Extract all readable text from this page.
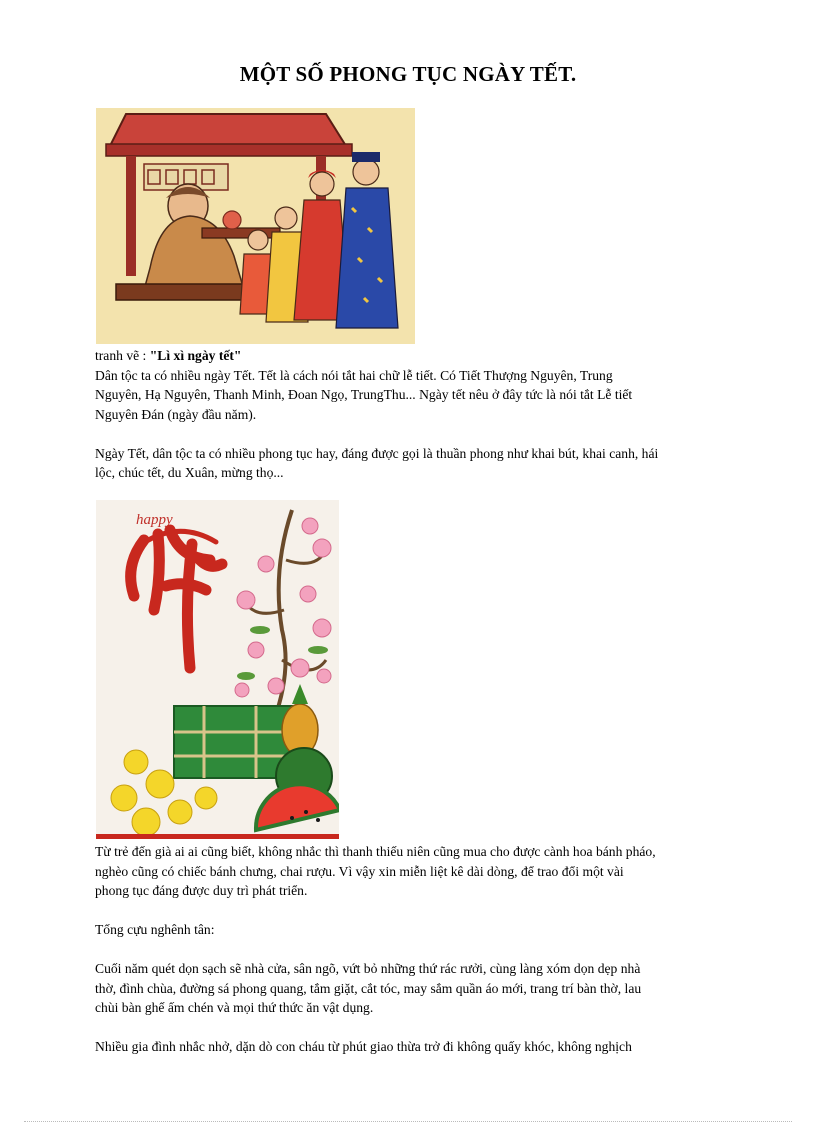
MỘT SỐ PHONG TỤC NGÀY TẾT.

tranh vẽ : "Lì xì ngày tết"

Dân tộc ta có nhiều ngày Tết. Tết là cách nói tắt hai chữ lễ tiết. Có Tiết Thượng Nguyên, Trung

Nguyên, Hạ Nguyên, Thanh Minh, Đoan Ngọ, TrungThu... Ngày tết nêu ở đây tức là nói tắt Lễ tiết

Nguyên Đán (ngày đầu năm).

Ngày Tết, dân tộc ta có nhiều phong tục hay, đáng được gọi là thuần phong như khai bút, khai canh, hái

lộc, chúc tết, du Xuân, mừng thọ...

happy

Từ trẻ đến già ai ai cũng biết, không nhắc thì thanh thiếu niên cũng mua cho được cành hoa bánh pháo,

nghèo cũng có chiếc bánh chưng, chai rượu. Vì vậy xin miễn liệt kê dài dòng, để trao đổi một vài

phong tục đáng được duy trì phát triển.

Tống cựu nghênh tân:

Cuối năm quét dọn sạch sẽ nhà cửa, sân ngõ, vứt bỏ những thứ rác rưởi, cùng làng xóm dọn dẹp nhà

thờ, đình chùa, đường sá phong quang, tắm giặt, cắt tóc, may sắm quần áo mới, trang trí bàn thờ, lau

chùi bàn ghế ấm chén và mọi thứ thức ăn vật dụng.

Nhiều gia đình nhắc nhở, dặn dò con cháu từ phút giao thừa trở đi không quấy khóc, không nghịch
